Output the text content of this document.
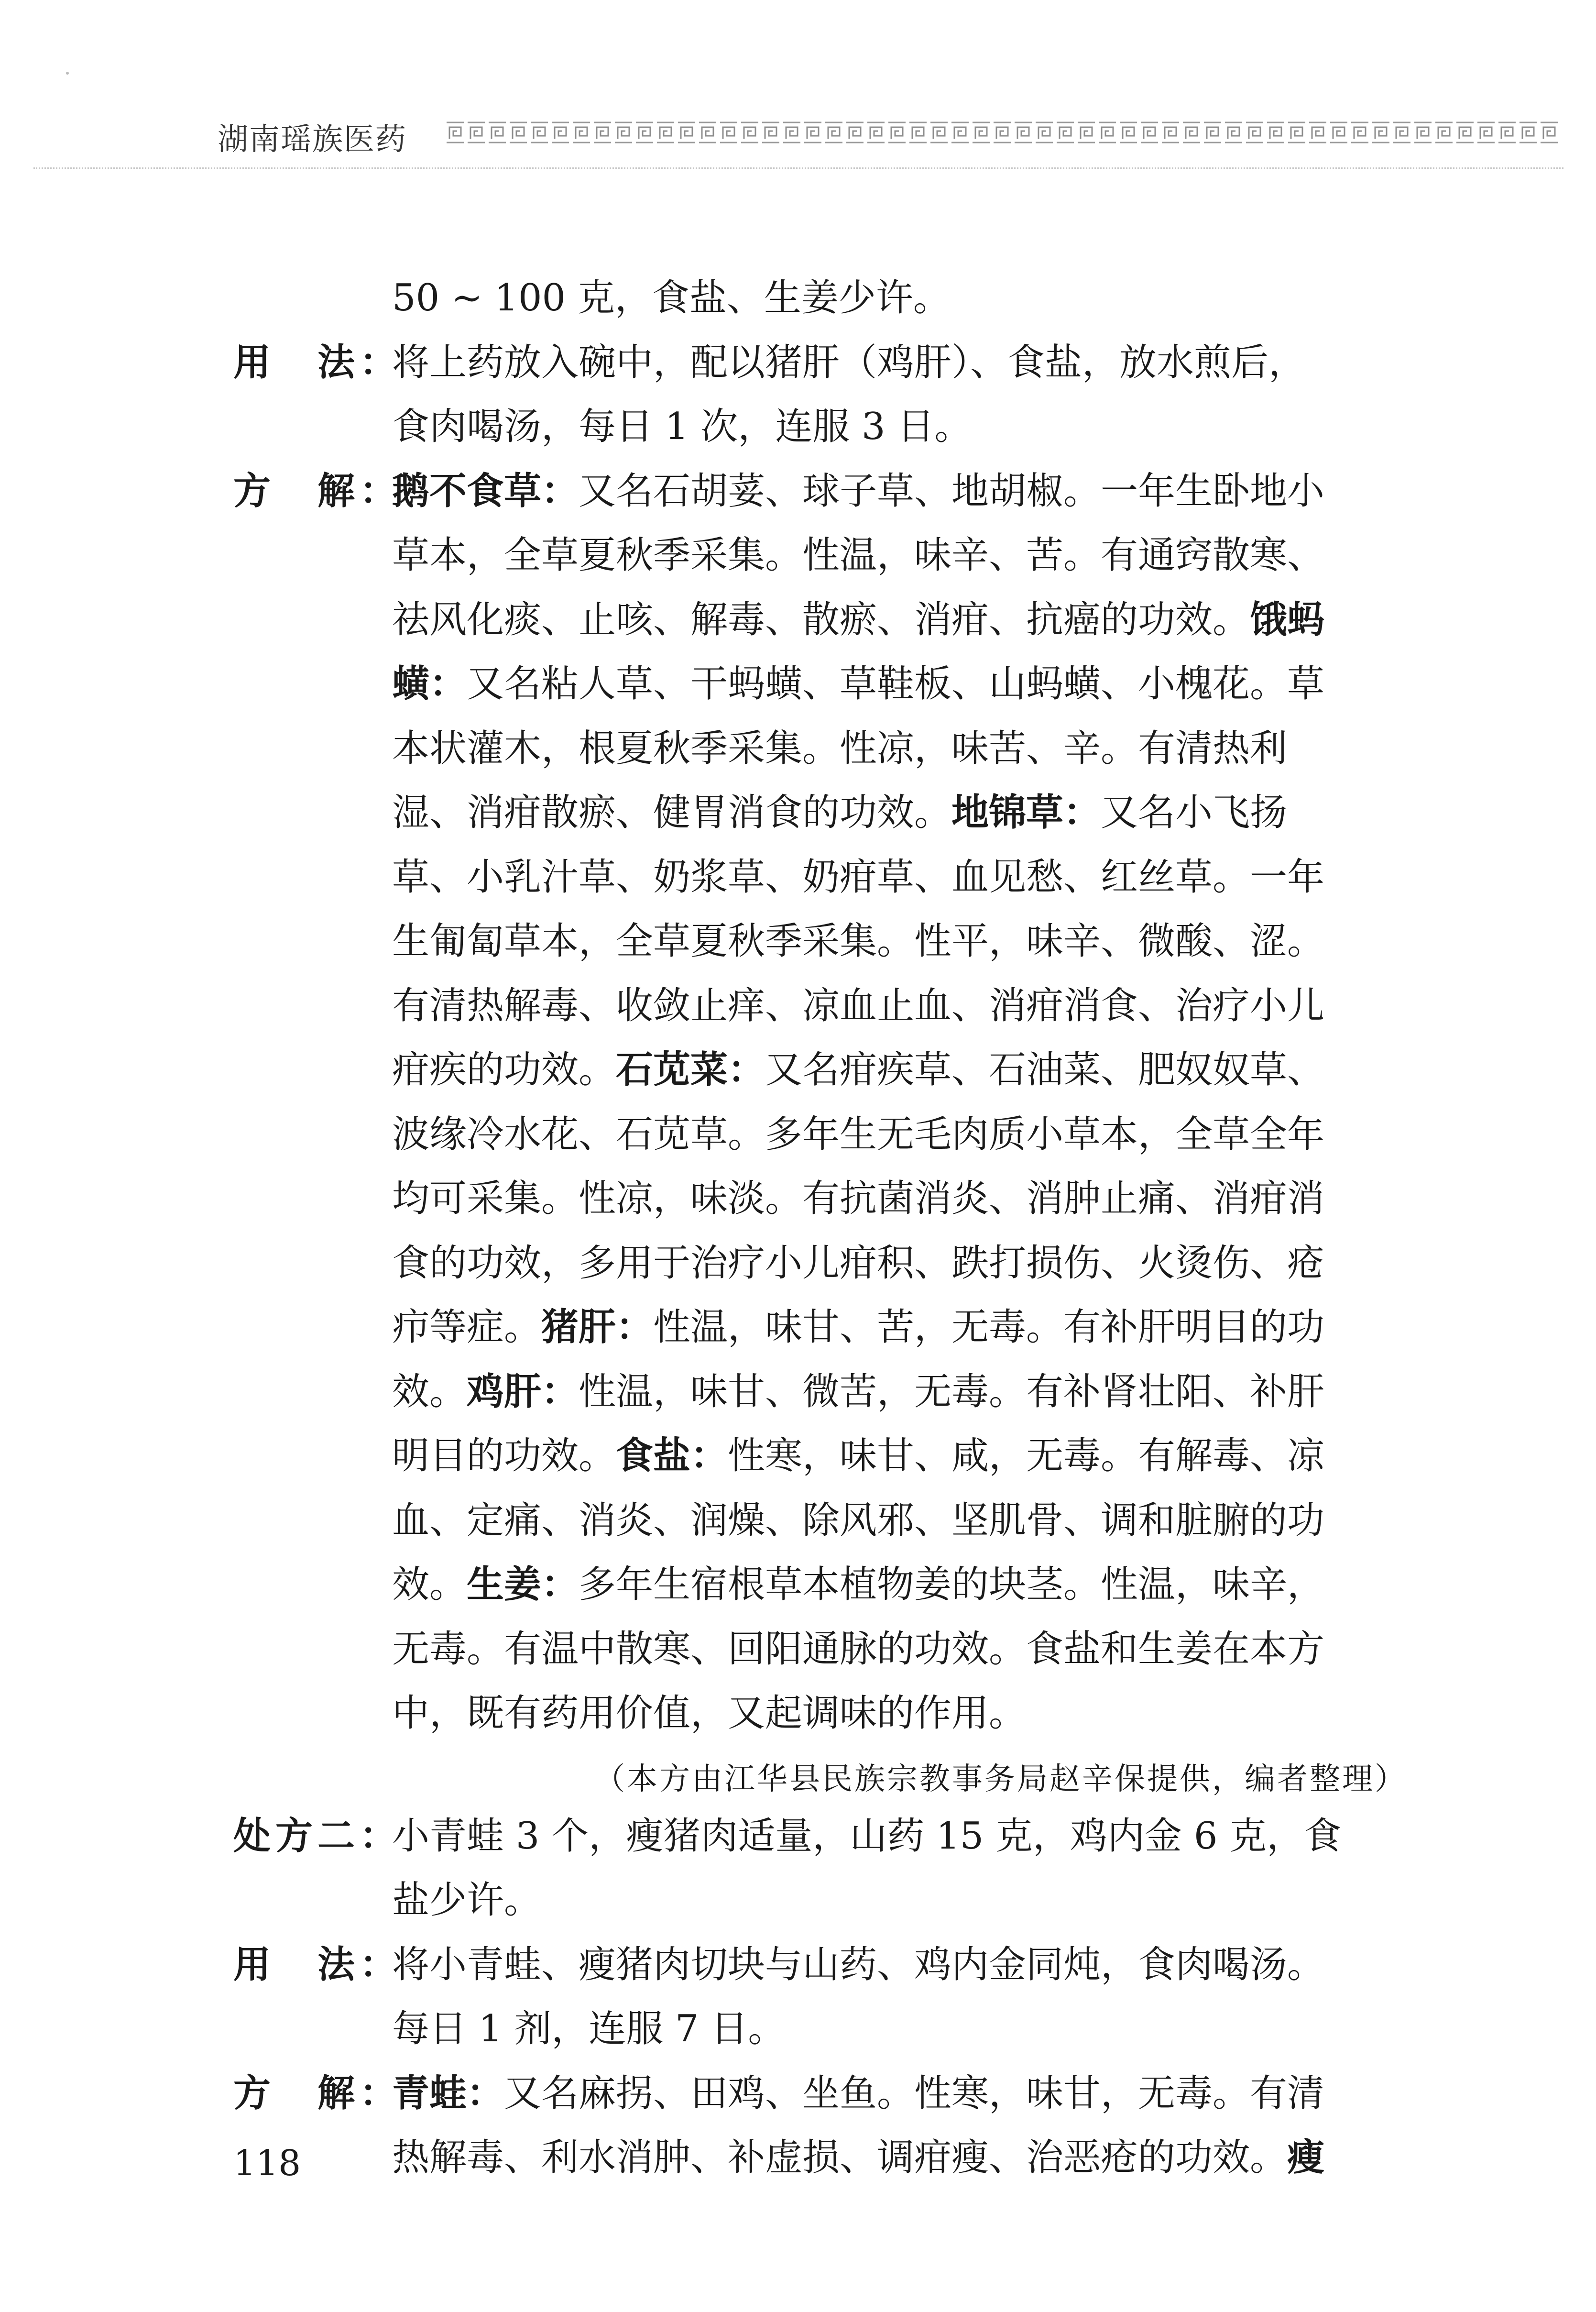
湖南瑶族医药
50 ~ 100 克，食盐、生姜少许。
用　法：
将上药放入碗中，配以猪肝（鸡肝）、食盐，放水煎后，
食肉喝汤，每日 1 次，连服 3 日。
方　解：
鹅不食草：又名石胡荽、球子草、地胡椒。一年生卧地小
草本，全草夏秋季采集。性温，味辛、苦。有通窍散寒、
祛风化痰、止咳、解毒、散瘀、消疳、抗癌的功效。饿蚂
蟥：又名粘人草、干蚂蟥、草鞋板、山蚂蟥、小槐花。草
本状灌木，根夏秋季采集。性凉，味苦、辛。有清热利
湿、消疳散瘀、健胃消食的功效。地锦草：又名小飞扬
草、小乳汁草、奶浆草、奶疳草、血见愁、红丝草。一年
生匍匐草本，全草夏秋季采集。性平，味辛、微酸、涩。
有清热解毒、收敛止痒、凉血止血、消疳消食、治疗小儿
疳疾的功效。石苋菜：又名疳疾草、石油菜、肥奴奴草、
波缘冷水花、石苋草。多年生无毛肉质小草本，全草全年
均可采集。性凉，味淡。有抗菌消炎、消肿止痛、消疳消
食的功效，多用于治疗小儿疳积、跌打损伤、火烫伤、疮
疖等症。猪肝：性温，味甘、苦，无毒。有补肝明目的功
效。鸡肝：性温，味甘、微苦，无毒。有补肾壮阳、补肝
明目的功效。食盐：性寒，味甘、咸，无毒。有解毒、凉
血、定痛、消炎、润燥、除风邪、坚肌骨、调和脏腑的功
效。生姜：多年生宿根草本植物姜的块茎。性温，味辛，
无毒。有温中散寒、回阳通脉的功效。食盐和生姜在本方
中，既有药用价值，又起调味的作用。
（本方由江华县民族宗教事务局赵辛保提供，编者整理）
处方二：
小青蛙 3 个，瘦猪肉适量，山药 15 克，鸡内金 6 克，食
盐少许。
用　法：
将小青蛙、瘦猪肉切块与山药、鸡内金同炖，食肉喝汤。
每日 1 剂，连服 7 日。
方　解：
青蛙：又名麻拐、田鸡、坐鱼。性寒，味甘，无毒。有清
热解毒、利水消肿、补虚损、调疳瘦、治恶疮的功效。瘦
118
